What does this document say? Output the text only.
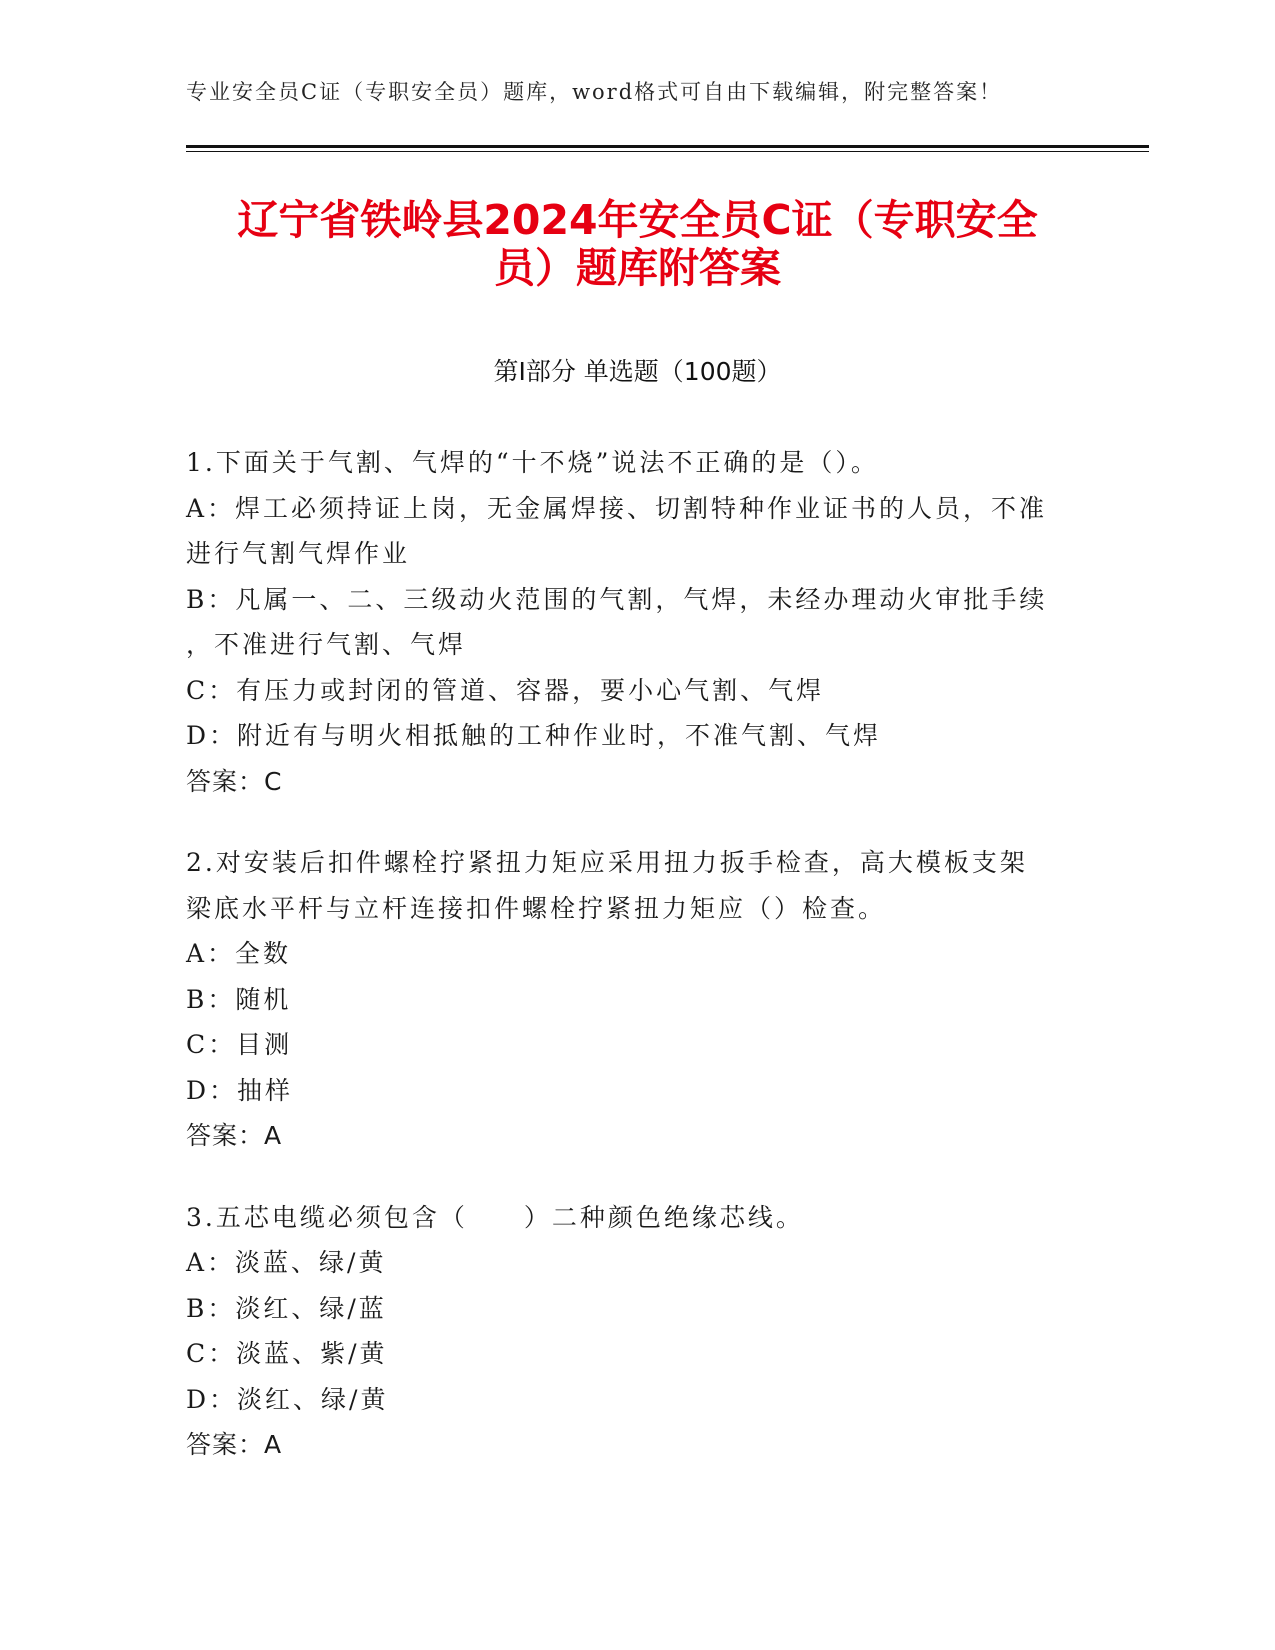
专业安全员C证（专职安全员）题库，word格式可自由下载编辑，附完整答案！
辽宁省铁岭县2024年安全员C证（专职安全
员）题库附答案
第Ⅰ部分 单选题（100题）
1.下面关于气割、气焊的“十不烧”说法不正确的是（）。
A：焊工必须持证上岗，无金属焊接、切割特种作业证书的人员，不准
进行气割气焊作业
B：凡属一、二、三级动火范围的气割，气焊，未经办理动火审批手续
，不准进行气割、气焊
C：有压力或封闭的管道、容器，要小心气割、气焊
D：附近有与明火相抵触的工种作业时，不准气割、气焊
答案：C
2.对安装后扣件螺栓拧紧扭力矩应采用扭力扳手检查，高大模板支架
梁底水平杆与立杆连接扣件螺栓拧紧扭力矩应（）检查。
A：全数
B：随机
C：目测
D：抽样
答案：A
3.五芯电缆必须包含（　　）二种颜色绝缘芯线。
A：淡蓝、绿/黄
B：淡红、绿/蓝
C：淡蓝、紫/黄
D：淡红、绿/黄
答案：A
